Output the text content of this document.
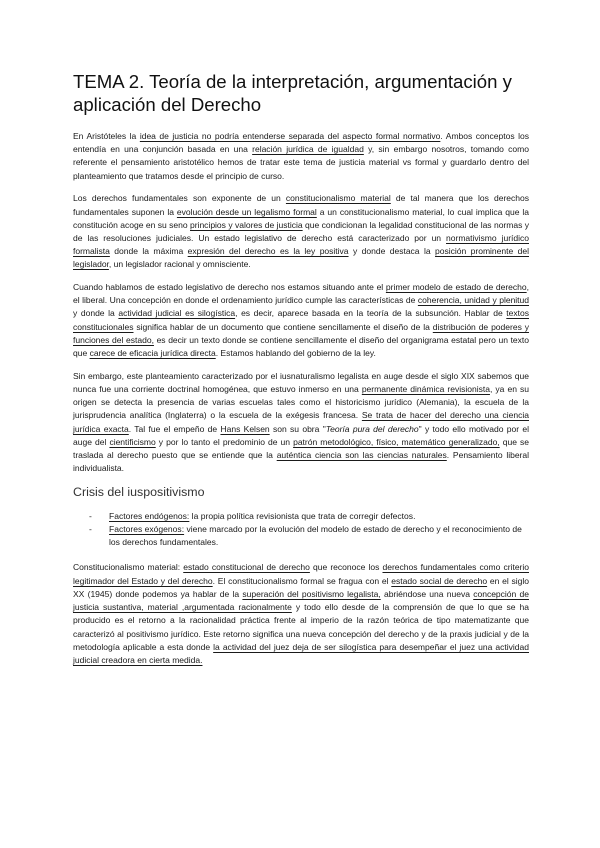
TEMA 2. Teoría de la interpretación, argumentación y aplicación del Derecho

En Aristóteles la idea de justicia no podría entenderse separada del aspecto formal normativo. Ambos conceptos los entendía en una conjunción basada en una relación jurídica de igualdad y, sin embargo nosotros, tomando como referente el pensamiento aristotélico hemos de tratar este tema de justicia material vs formal y guardarlo dentro del planteamiento que tratamos desde el principio de curso.

Los derechos fundamentales son exponente de un constitucionalismo material de tal manera que los derechos fundamentales suponen la evolución desde un legalismo formal a un constitucionalismo material, lo cual implica que la constitución acoge en su seno principios y valores de justicia que condicionan la legalidad constitucional de las normas y de las resoluciones judiciales. Un estado legislativo de derecho está caracterizado por un normativismo jurídico formalista donde la máxima expresión del derecho es la ley positiva y donde destaca la posición prominente del legislador, un legislador racional y omnisciente.

Cuando hablamos de estado legislativo de derecho nos estamos situando ante el primer modelo de estado de derecho, el liberal. Una concepción en donde el ordenamiento jurídico cumple las características de coherencia, unidad y plenitud y donde la actividad judicial es silogística, es decir, aparece basada en la teoría de la subsunción. Hablar de textos constitucionales significa hablar de un documento que contiene sencillamente el diseño de la distribución de poderes y funciones del estado, es decir un texto donde se contiene sencillamente el diseño del organigrama estatal pero un texto que carece de eficacia jurídica directa. Estamos hablando del gobierno de la ley.

Sin embargo, este planteamiento caracterizado por el iusnaturalismo legalista en auge desde el siglo XIX sabemos que nunca fue una corriente doctrinal homogénea, que estuvo inmerso en una permanente dinámica revisionista, ya en su origen se detecta la presencia de varias escuelas tales como el historicismo jurídico (Alemania), la escuela de la jurisprudencia analítica (Inglaterra) o la escuela de la exégesis francesa. Se trata de hacer del derecho una ciencia jurídica exacta. Tal fue el empeño de Hans Kelsen son su obra "Teoría pura del derecho" y todo ello motivado por el auge del cientificismo y por lo tanto el predominio de un patrón metodológico, físico, matemático generalizado, que se traslada al derecho puesto que se entiende que la auténtica ciencia son las ciencias naturales. Pensamiento liberal individualista.

Crisis del iuspositivismo
- Factores endógenos: la propia política revisionista que trata de corregir defectos.
- Factores exógenos: viene marcado por la evolución del modelo de estado de derecho y el reconocimiento de los derechos fundamentales.

Constitucionalismo material: estado constitucional de derecho que reconoce los derechos fundamentales como criterio legitimador del Estado y del derecho. El constitucionalismo formal se fragua con el estado social de derecho en el siglo XX (1945) donde podemos ya hablar de la superación del positivismo legalista, abriéndose una nueva concepción de justicia sustantiva, material ,argumentada racionalmente y todo ello desde de la comprensión de que lo que se ha producido es el retorno a la racionalidad práctica frente al imperio de la razón teórica de tipo matematizante que caracterizó al positivismo jurídico. Este retorno significa una nueva concepción del derecho y de la praxis judicial y de la metodología aplicable a esta donde la actividad del juez deja de ser silogística para desempeñar el juez una actividad judicial creadora en cierta medida.
